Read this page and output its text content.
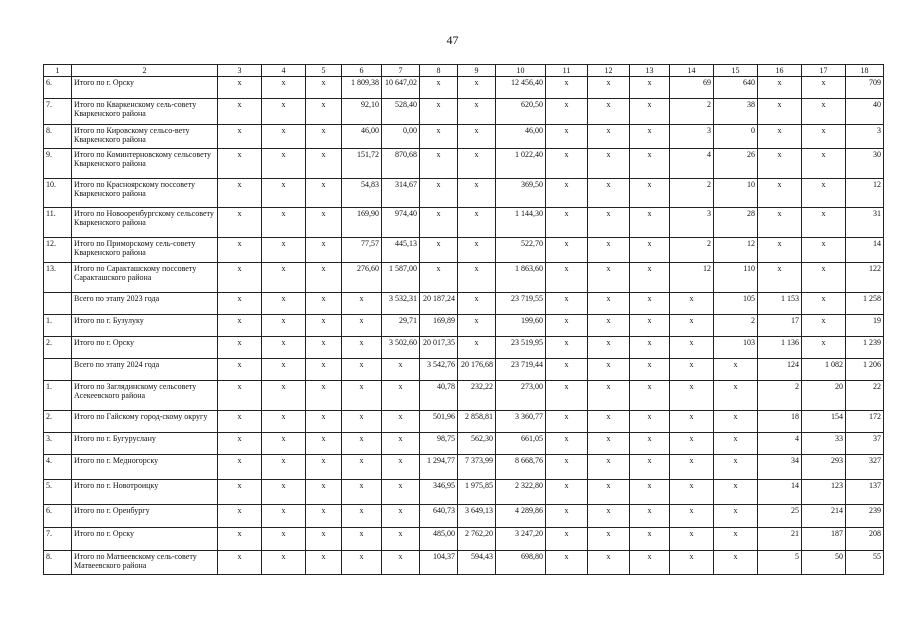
47
1	2	3	4	5	6	7	8	9	10	11	12	13	14	15	16	17	18
6.	Итого по г. Орску	x	x	x	1 809,38	10 647,02	x	x	12 456,40	x	x	x	69	640	x	x	709
7.	Итого по Кваркенскому сель-совету Кваркенского района	x	x	x	92,10	528,40	x	x	620,50	x	x	x	2	38	x	x	40
8.	Итого по Кировскому сельсо-вету Кваркенского района	x	x	x	46,00	0,00	x	x	46,00	x	x	x	3	0	x	x	3
9.	Итого по Коминтерновскому сельсовету Кваркенского района	x	x	x	151,72	870,68	x	x	1 022,40	x	x	x	4	26	x	x	30
10.	Итого по Красноярскому поссовету Кваркенского района	x	x	x	54,83	314,67	x	x	369,50	x	x	x	2	10	x	x	12
11.	Итого по Новооренбургскому сельсовету Кваркенского района	x	x	x	169,90	974,40	x	x	1 144,30	x	x	x	3	28	x	x	31
12.	Итого по Приморскому сель-совету Кваркенского района	x	x	x	77,57	445,13	x	x	522,70	x	x	x	2	12	x	x	14
13.	Итого по Саракташскому поссовету Саракташского района	x	x	x	276,60	1 587,00	x	x	1 863,60	x	x	x	12	110	x	x	122
	Всего по этапу 2023 года	x	x	x	x	3 532,31	20 187,24	x	23 719,55	x	x	x	x	105	1 153	x	1 258
1.	Итого по г. Бузулуку	x	x	x	x	29,71	169,89	x	199,60	x	x	x	x	2	17	x	19
2.	Итого по г. Орску	x	x	x	x	3 502,60	20 017,35	x	23 519,95	x	x	x	x	103	1 136	x	1 239
	Всего по этапу 2024 года	x	x	x	x	x	3 542,76	20 176,68	23 719,44	x	x	x	x	x	124	1 082	1 206
1.	Итого по Заглядинскому сельсовету Асекеевского района	x	x	x	x	x	40,78	232,22	273,00	x	x	x	x	x	2	20	22
2.	Итого по Гайскому город-скому округу	x	x	x	x	x	501,96	2 858,81	3 360,77	x	x	x	x	x	18	154	172
3.	Итого по г. Бугуруслану	x	x	x	x	x	98,75	562,30	661,05	x	x	x	x	x	4	33	37
4.	Итого по г. Медногорску	x	x	x	x	x	1 294,77	7 373,99	8 668,76	x	x	x	x	x	34	293	327
5.	Итого по г. Новотроицку	x	x	x	x	x	346,95	1 975,85	2 322,80	x	x	x	x	x	14	123	137
6.	Итого по г. Оренбургу	x	x	x	x	x	640,73	3 649,13	4 289,86	x	x	x	x	x	25	214	239
7.	Итого по г. Орску	x	x	x	x	x	485,00	2 762,20	3 247,20	x	x	x	x	x	21	187	208
8.	Итого по Матвеевскому сель-совету Матвеевского района	x	x	x	x	x	104,37	594,43	698,80	x	x	x	x	x	5	50	55
